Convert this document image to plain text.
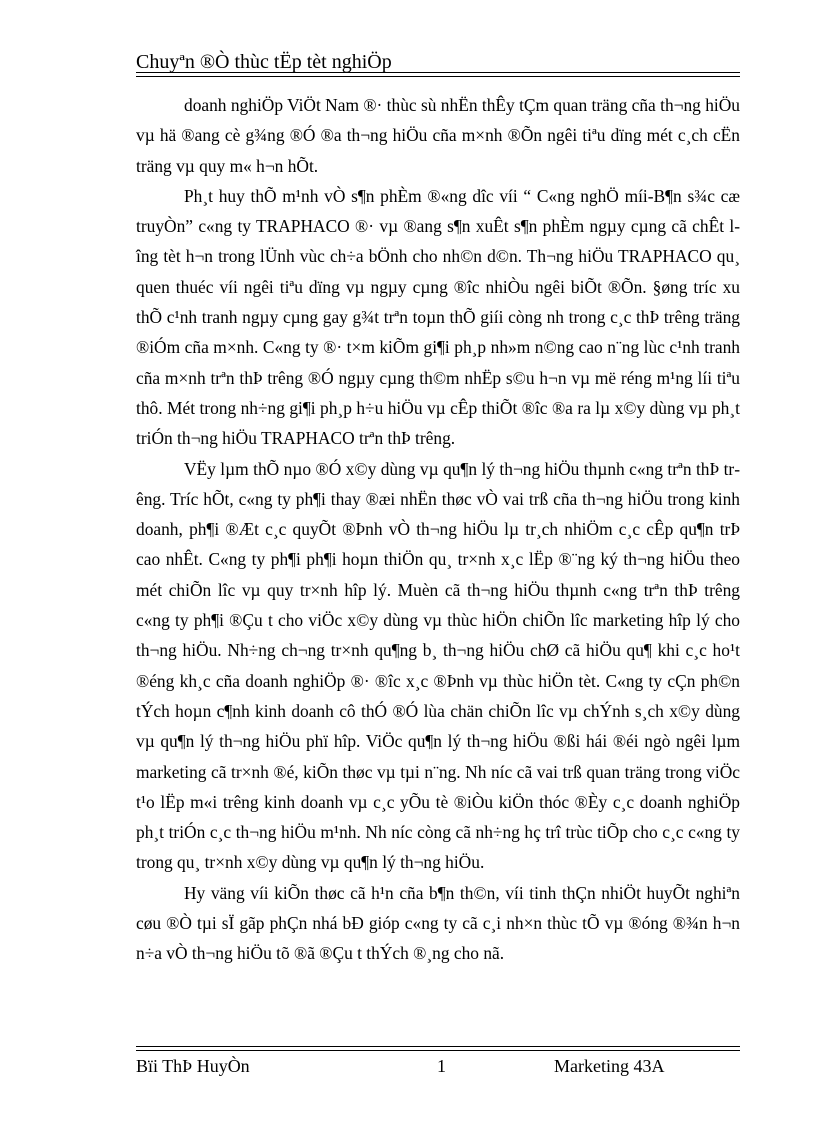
Chuyªn ®Ò thùc tËp tèt nghiÖp

doanh nghiÖp ViÖt Nam ®· thùc sù nhËn thÊy tÇm quan träng cña th¬ng hiÖu vµ hä ®ang cè g¾ng ®Ó ®a th¬ng hiÖu cña m×nh ®Õn ngêi tiªu dïng mét c¸ch cËn träng vµ quy m« h¬n hÕt.

Ph¸t huy thÕ m¹nh vÒ s¶n phÈm ®«ng dîc víi “ C«ng nghÖ míi-B¶n s¾c cæ truyÒn” c«ng ty TRAPHACO ®· vµ ®ang s¶n xuÊt s¶n phÈm ngµy cµng cã chÊt lîng tèt h¬n trong lÜnh vùc ch÷a bÖnh cho nh©n d©n. Th¬ng hiÖu TRAPHACO qu¸ quen thuéc víi ngêi tiªu dïng vµ ngµy cµng ®îc nhiÒu ngêi biÕt ®Õn. §øng tríc xu thÕ c¹nh tranh ngµy cµng gay g¾t trªn toµn thÕ giíi còng nh trong c¸c thÞ trêng träng ®iÓm cña m×nh. C«ng ty ®· t×m kiÕm gi¶i ph¸p nh»m n©ng cao n¨ng lùc c¹nh tranh cña m×nh trªn thÞ trêng ®Ó ngµy cµng th©m nhËp s©u h¬n vµ më réng m¹ng líi tiªu thô. Mét trong nh÷ng gi¶i ph¸p h÷u hiÖu vµ cÊp thiÕt ®îc ®a ra lµ x©y dùng vµ ph¸t triÓn th¬ng hiÖu TRAPHACO trªn thÞ trêng.

VËy lµm thÕ nµo ®Ó x©y dùng vµ qu¶n lý th¬ng hiÖu thµnh c«ng trªn thÞ trêng. Tríc hÕt, c«ng ty ph¶i thay ®æi nhËn thøc vÒ vai trß cña th¬ng hiÖu trong kinh doanh, ph¶i ®Æt c¸c quyÕt ®Þnh vÒ th¬ng hiÖu lµ tr¸ch nhiÖm c¸c cÊp qu¶n trÞ cao nhÊt. C«ng ty ph¶i ph¶i hoµn thiÖn qu¸ tr×nh x¸c lËp ®¨ng ký th¬ng hiÖu theo mét chiÕn lîc vµ quy tr×nh hîp lý. Muèn cã th¬ng hiÖu thµnh c«ng trªn thÞ trêng c«ng ty ph¶i ®Çu t cho viÖc x©y dùng vµ thùc hiÖn chiÕn lîc marketing hîp lý cho th¬ng hiÖu. Nh÷ng ch¬ng tr×nh qu¶ng b¸ th¬ng hiÖu chØ cã hiÖu qu¶ khi c¸c ho¹t ®éng kh¸c cña doanh nghiÖp ®· ®îc x¸c ®Þnh vµ thùc hiÖn tèt. C«ng ty cÇn ph©n tÝch hoµn c¶nh kinh doanh cô thÓ ®Ó lùa chän chiÕn lîc vµ chÝnh s¸ch x©y dùng vµ qu¶n lý th¬ng hiÖu phï hîp. ViÖc qu¶n lý th¬ng hiÖu ®ßi hái ®éi ngò ngêi lµm marketing cã tr×nh ®é, kiÕn thøc vµ tµi n¨ng. Nh níc cã vai trß quan träng trong viÖc t¹o lËp m«i trêng kinh doanh vµ c¸c yÕu tè ®iÒu kiÖn thóc ®Èy c¸c doanh nghiÖp ph¸t triÓn c¸c th¬ng hiÖu m¹nh. Nh níc còng cã nh÷ng hç trî trùc tiÕp cho c¸c c«ng ty trong qu¸ tr×nh x©y dùng vµ qu¶n lý th¬ng hiÖu.

Hy väng víi kiÕn thøc cã h¹n cña b¶n th©n, víi tinh thÇn nhiÖt huyÕt nghiªn cøu ®Ò tµi sÏ gãp phÇn nhá bÐ gióp c«ng ty cã c¸i nh×n thùc tÕ vµ ®óng ®¾n h¬n n÷a vÒ th¬ng hiÖu tõ ®ã ®Çu t thÝch ®¸ng cho nã.

Bïi ThÞ HuyÒn	1	Marketing 43A
